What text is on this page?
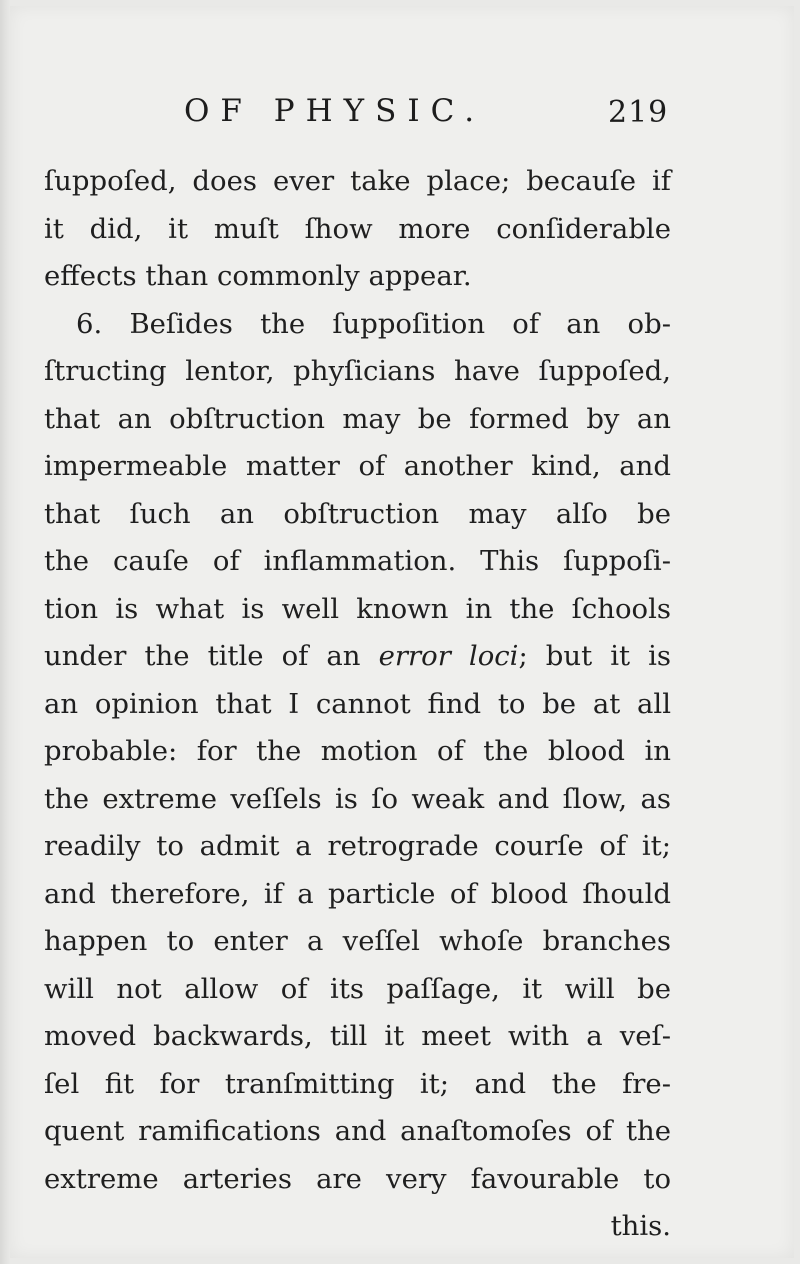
OF PHYSIC.	219
ſuppoſed, does ever take place; becauſe if
it did, it muſt ſhow more conſiderable
effects than commonly appear.
6. Beſides the ſuppoſition of an ob-
ſtructing lentor, phyſicians have ſuppoſed,
that an obſtruction may be formed by an
impermeable matter of another kind, and
that ſuch an obſtruction may alſo be
the cauſe of inflammation. This ſuppoſi-
tion is what is well known in the ſchools
under the title of an error loci; but it is
an opinion that I cannot find to be at all
probable: for the motion of the blood in
the extreme veſſels is ſo weak and ſlow, as
readily to admit a retrograde courſe of it;
and therefore, if a particle of blood ſhould
happen to enter a veſſel whoſe branches
will not allow of its paſſage, it will be
moved backwards, till it meet with a veſ-
ſel fit for tranſmitting it; and the fre-
quent ramifications and anaſtomoſes of the
extreme arteries are very favourable to
this.
